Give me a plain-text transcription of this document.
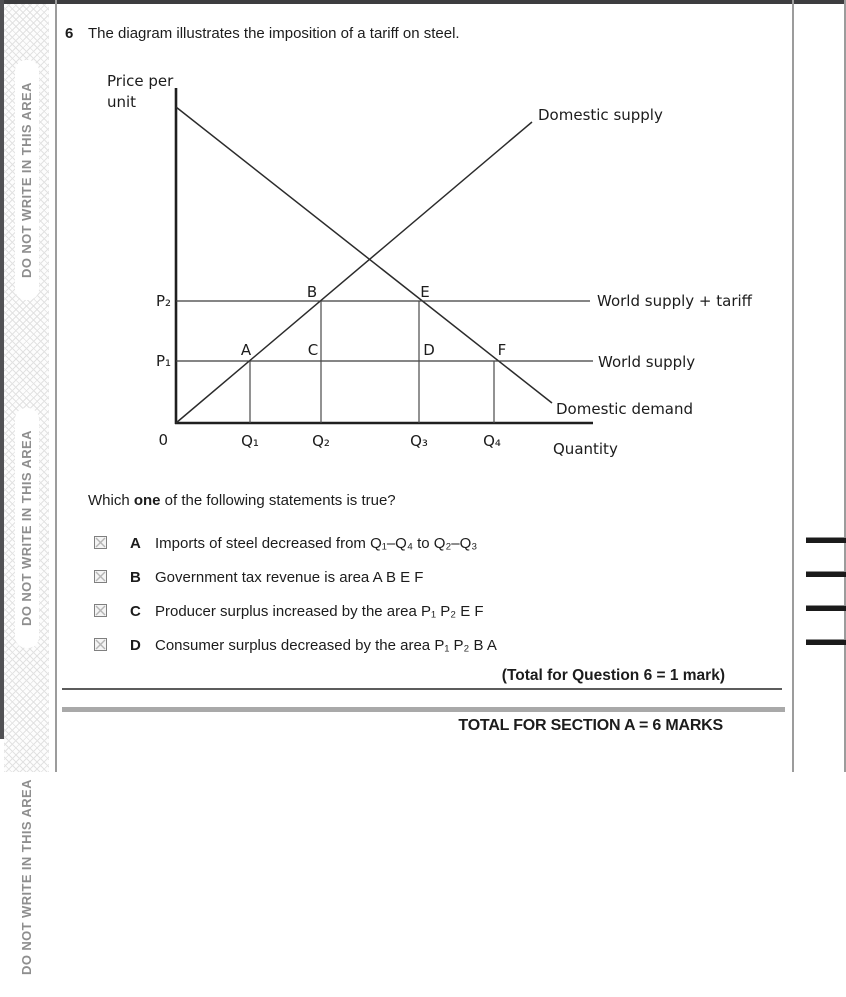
DO NOT WRITE IN THIS AREA
DO NOT WRITE IN THIS AREA
DO NOT WRITE IN THIS AREA
6 The diagram illustrates the imposition of a tariff on steel.
Price per
unit
Quantity
0
P₂
P₁
Q₁	Q₂	Q₃	Q₄
A
B
C	D
E
F
Domestic supply
World supply + tariff
World supply
Domestic demand
Which one of the following statements is true?
A Imports of steel decreased from Q₁–Q₄ to Q₂–Q₃
B Government tax revenue is area A B E F
C Producer surplus increased by the area P₁ P₂ E F
D Consumer surplus decreased by the area P₁ P₂ B A
(Total for Question 6 = 1 mark)
TOTAL FOR SECTION A = 6 MARKS
